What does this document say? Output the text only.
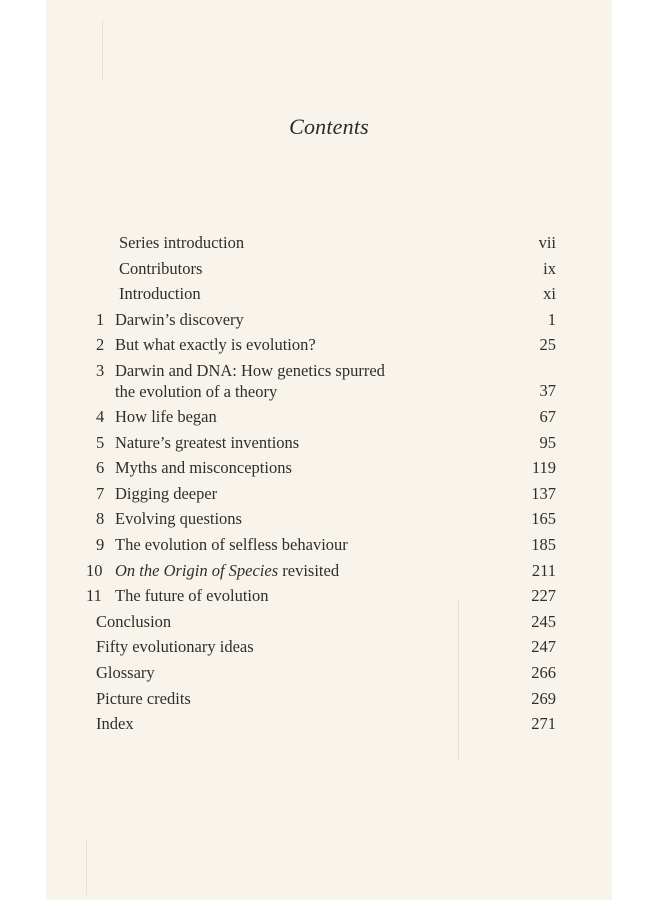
Contents
Series introduction	vii
Contributors	ix
Introduction	xi
1 Darwin’s discovery	1
2 But what exactly is evolution?	25
3 Darwin and DNA: How genetics spurred
the evolution of a theory	37
4 How life began	67
5 Nature’s greatest inventions	95
6 Myths and misconceptions	119
7 Digging deeper	137
8 Evolving questions	165
9 The evolution of selfless behaviour	185
10 On the Origin of Species revisited	211
11 The future of evolution	227
Conclusion	245
Fifty evolutionary ideas	247
Glossary	266
Picture credits	269
Index	271
